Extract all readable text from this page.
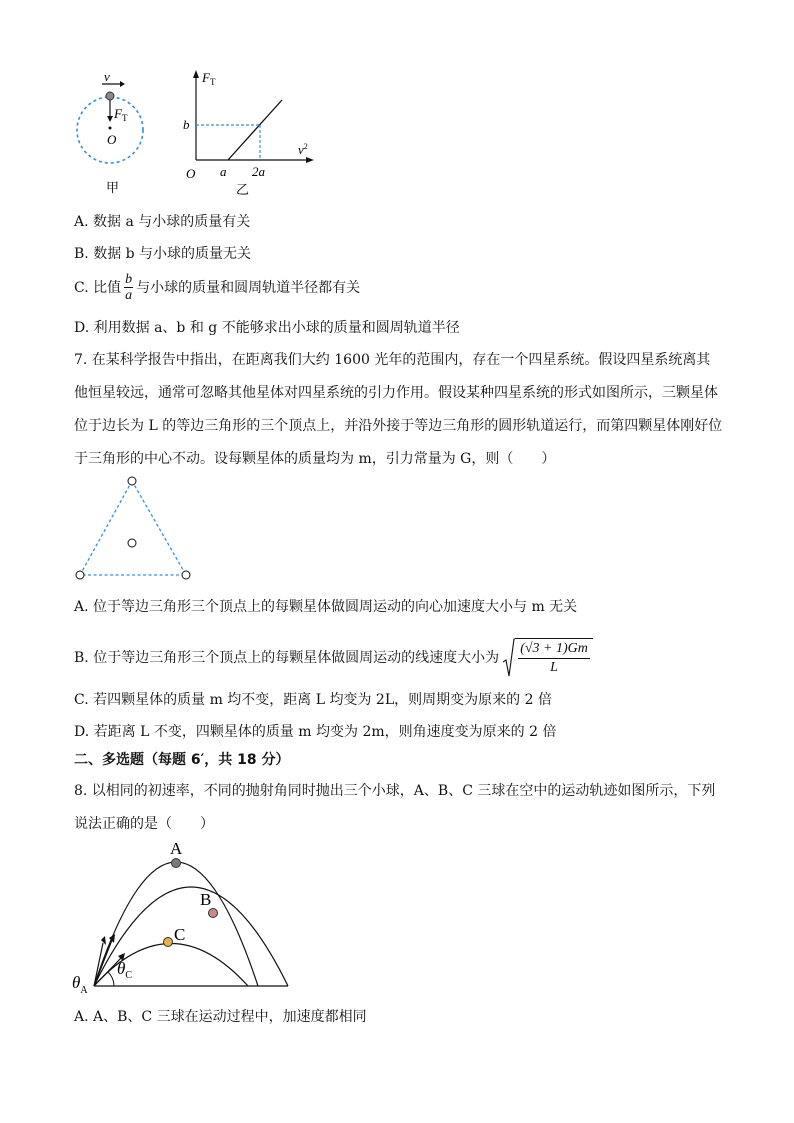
v
$F_T$
O
甲
$F_T$
$v^2$
b
a 2a
O
乙
A. 数据 a 与小球的质量有关
B. 数据 b 与小球的质量无关
C. 比值 $\frac{b}{a}$ 与小球的质量和圆周轨道半径都有关
D. 利用数据 a、b 和 g 不能够求出小球的质量和圆周轨道半径
7. 在某科学报告中指出，在距离我们大约 1600 光年的范围内，存在一个四星系统。假设四星系统离其他恒星较远，通常可忽略其他星体对四星系统的引力作用。假设某种四星系统的形式如图所示，三颗星体位于边长为 L 的等边三角形的三个顶点上，并沿外接于等边三角形的圆形轨道运行，而第四颗星体刚好位于三角形的中心不动。设每颗星体的质量均为 m，引力常量为 G，则（　　）
A. 位于等边三角形三个顶点上的每颗星体做圆周运动的向心加速度大小与 m 无关
B. 位于等边三角形三个顶点上的每颗星体做圆周运动的线速度大小为 $\frac{(√3 + 1)Gm}{L}$
C. 若四颗星体的质量 m 均不变，距离 L 均变为 2L，则周期变为原来的 2 倍
D. 若距离 L 不变，四颗星体的质量 m 均变为 2m，则角速度变为原来的 2 倍
二、多选题（每题 6′，共 18 分）
8. 以相同的初速率，不同的抛射角同时抛出三个小球，A、B、C 三球在空中的运动轨迹如图所示，下列说法正确的是（　　）
A
B
C
$\theta_A$
$\theta_C$
A. A、B、C 三球在运动过程中，加速度都相同
